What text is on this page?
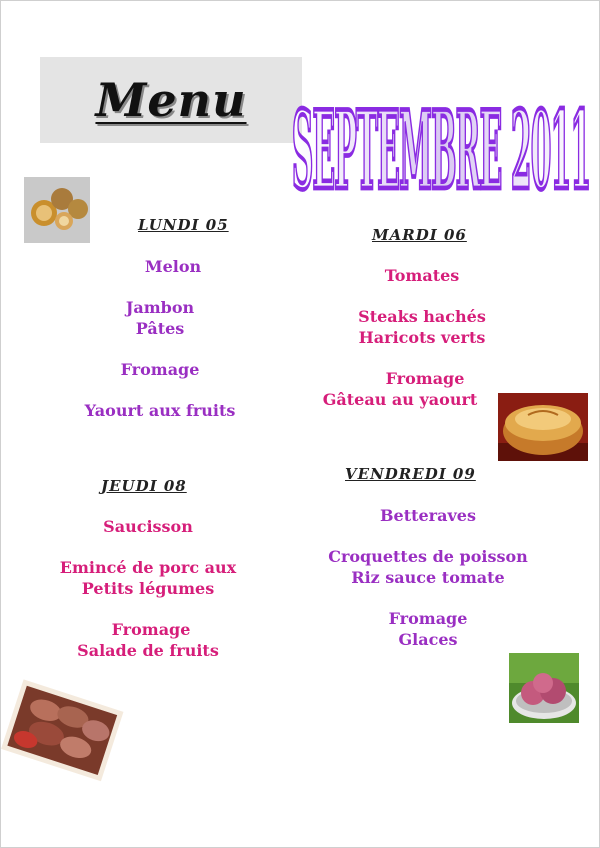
Menu SEPTEMBRE 2011
LUNDI 05
Melon
Jambon
Pâtes
Fromage
Yaourt aux fruits
MARDI 06
Tomates
Steaks hachés
Haricots verts
Fromage
Gâteau au yaourt
JEUDI 08
Saucisson
Emincé de porc aux
Petits légumes
Fromage
Salade de fruits
VENDREDI 09
Betteraves
Croquettes de poisson
Riz sauce tomate
Fromage
Glaces
